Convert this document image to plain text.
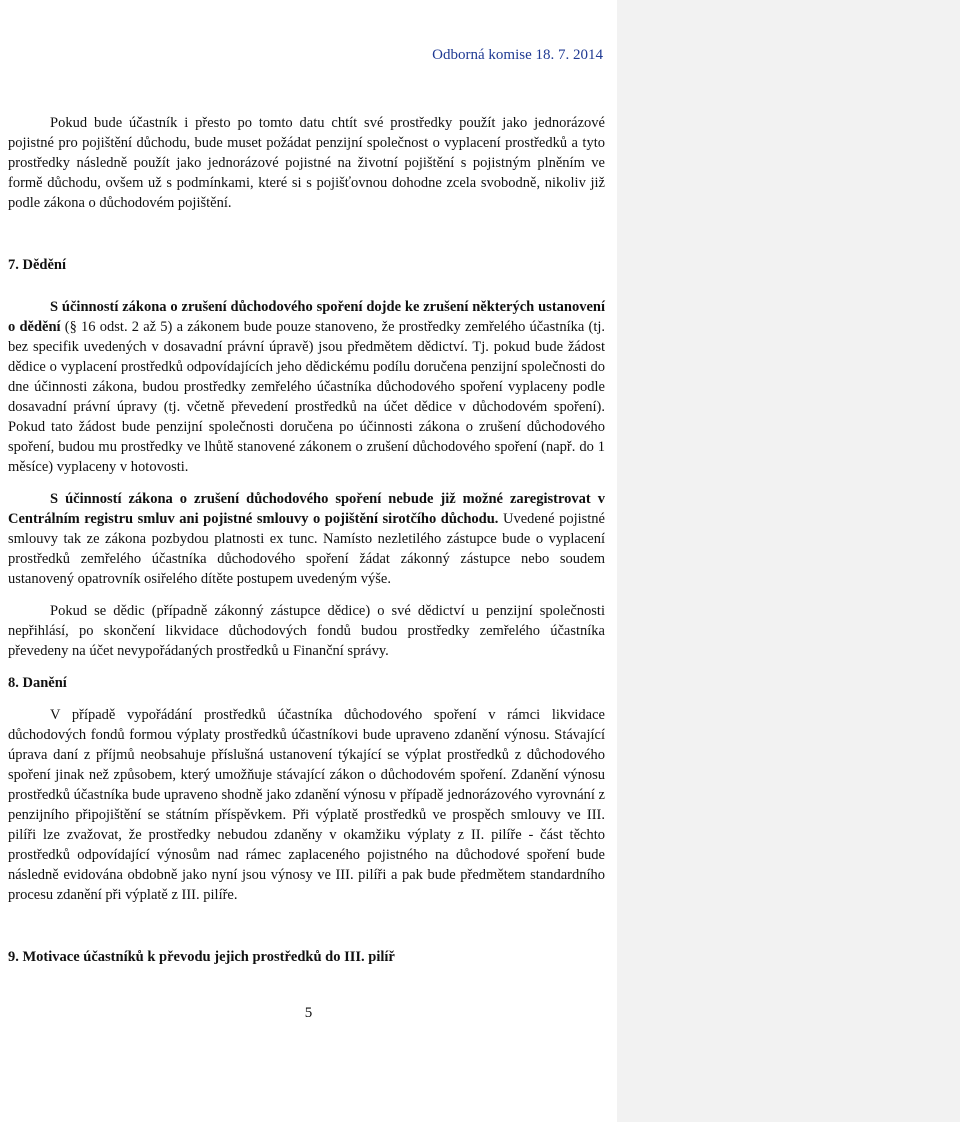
Odborná komise 18. 7. 2014

Pokud bude účastník i přesto po tomto datu chtít své prostředky použít jako jednorázové pojistné pro pojištění důchodu, bude muset požádat penzijní společnost o vyplacení prostředků a tyto prostředky následně použít jako jednorázové pojistné na životní pojištění s pojistným plněním ve formě důchodu, ovšem už s podmínkami, které si s pojišťovnou dohodne zcela svobodně, nikoliv již podle zákona o důchodovém pojištění.

7. Dědění

S účinností zákona o zrušení důchodového spoření dojde ke zrušení některých ustanovení o dědění (§ 16 odst. 2 až 5) a zákonem bude pouze stanoveno, že prostředky zemřelého účastníka (tj. bez specifik uvedených v dosavadní právní úpravě) jsou předmětem dědictví. Tj. pokud bude žádost dědice o vyplacení prostředků odpovídajících jeho dědickému podílu doručena penzijní společnosti do dne účinnosti zákona, budou prostředky zemřelého účastníka důchodového spoření vyplaceny podle dosavadní právní úpravy (tj. včetně převedení prostředků na účet dědice v důchodovém spoření). Pokud tato žádost bude penzijní společnosti doručena po účinnosti zákona o zrušení důchodového spoření, budou mu prostředky ve lhůtě stanovené zákonem o zrušení důchodového spoření (např. do 1 měsíce) vyplaceny v hotovosti.

S účinností zákona o zrušení důchodového spoření nebude již možné zaregistrovat v Centrálním registru smluv ani pojistné smlouvy o pojištění sirotčího důchodu. Uvedené pojistné smlouvy tak ze zákona pozbydou platnosti ex tunc. Namísto nezletilého zástupce bude o vyplacení prostředků zemřelého účastníka důchodového spoření žádat zákonný zástupce nebo soudem ustanovený opatrovník osiřelého dítěte postupem uvedeným výše.

Pokud se dědic (případně zákonný zástupce dědice) o své dědictví u penzijní společnosti nepřihlásí, po skončení likvidace důchodových fondů budou prostředky zemřelého účastníka převedeny na účet nevypořádaných prostředků u Finanční správy.

8. Danění

V případě vypořádání prostředků účastníka důchodového spoření v rámci likvidace důchodových fondů formou výplaty prostředků účastníkovi bude upraveno zdanění výnosu. Stávající úprava daní z příjmů neobsahuje příslušná ustanovení týkající se výplat prostředků z důchodového spoření jinak než způsobem, který umožňuje stávající zákon o důchodovém spoření. Zdanění výnosu prostředků účastníka bude upraveno shodně jako zdanění výnosu v případě jednorázového vyrovnání z penzijního připojištění se státním příspěvkem. Při výplatě prostředků ve prospěch smlouvy ve III. pilíři lze zvažovat, že prostředky nebudou zdaněny v okamžiku výplaty z II. pilíře - část těchto prostředků odpovídající výnosům nad rámec zaplaceného pojistného na důchodové spoření bude následně evidována obdobně jako nyní jsou výnosy ve III. pilíři a pak bude předmětem standardního procesu zdanění při výplatě z III. pilíře.

9. Motivace účastníků k převodu jejich prostředků do III. pilíř

5
